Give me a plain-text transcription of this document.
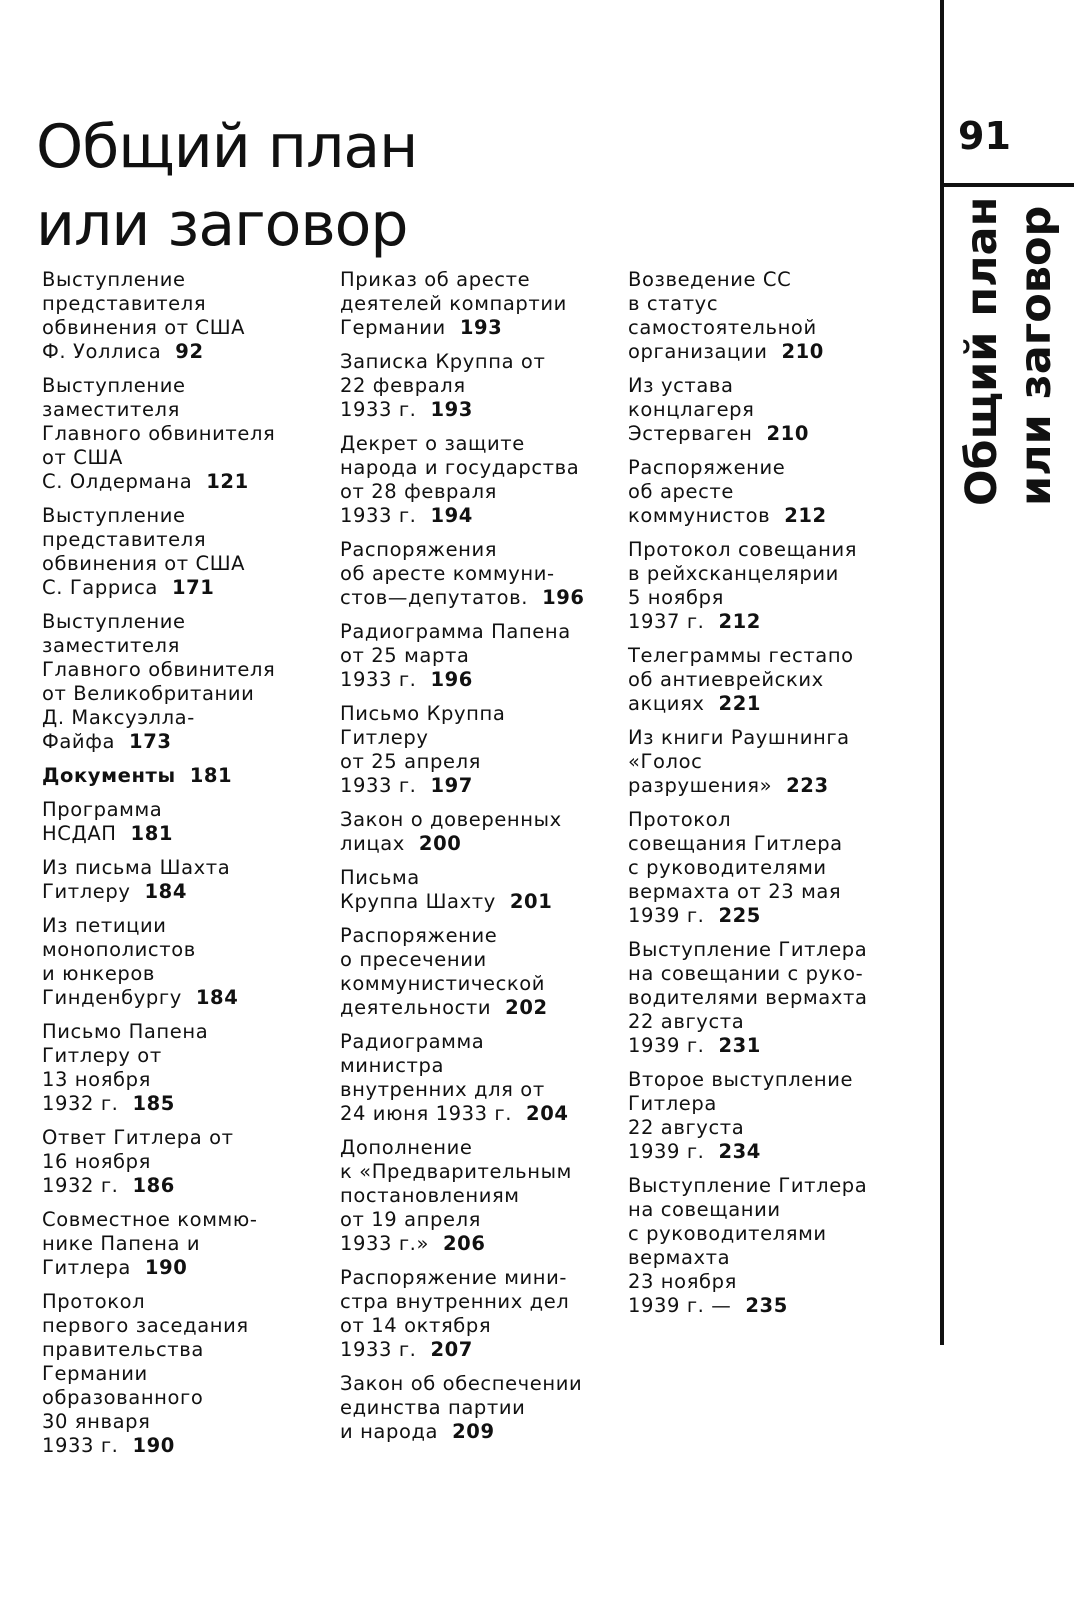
Общий план
или заговор
91
Общий план или заговор
Выступление
представителя
обвинения от США
Ф. Уоллиса 92
Выступление
заместителя
Главного обвинителя
от США
С. Олдермана 121
Выступление
представителя
обвинения от США
С. Гарриса 171
Выступление
заместителя
Главного обвинителя
от Великобритании
Д. Максуэлла-
Файфа 173
Документы 181
Программа
НСДАП 181
Из письма Шахта
Гитлеру 184
Из петиции
монополистов
и юнкеров
Гинденбургу 184
Письмо Папена
Гитлеру от
13 ноября
1932 г. 185
Ответ Гитлера от
16 ноября
1932 г. 186
Совместное коммю-
нике Папена и
Гитлера 190
Протокол
первого заседания
правительства
Германии
образованного
30 января
1933 г. 190
Приказ об аресте
деятелей компартии
Германии 193
Записка Круппа от
22 февраля
1933 г. 193
Декрет о защите
народа и государства
от 28 февраля
1933 г. 194
Распоряжения
об аресте коммуни-
стов—депутатов. 196
Радиограмма Папена
от 25 марта
1933 г. 196
Письмо Круппа
Гитлеру
от 25 апреля
1933 г. 197
Закон о доверенных
лицах 200
Письма
Круппа Шахту 201
Распоряжение
о пресечении
коммунистической
деятельности 202
Радиограмма
министра
внутренних для от
24 июня 1933 г. 204
Дополнение
к «Предварительным
постановлениям
от 19 апреля
1933 г.» 206
Распоряжение мини-
стра внутренних дел
от 14 октября
1933 г. 207
Закон об обеспечении
единства партии
и народа 209
Возведение СС
в статус
самостоятельной
организации 210
Из устава
концлагеря
Эстерваген 210
Распоряжение
об аресте
коммунистов 212
Протокол совещания
в рейхсканцелярии
5 ноября
1937 г. 212
Телеграммы гестапо
об антиеврейских
акциях 221
Из книги Раушнинга
«Голос
разрушения» 223
Протокол
совещания Гитлера
с руководителями
вермахта от 23 мая
1939 г. 225
Выступление Гитлера
на совещании с руко-
водителями вермахта
22 августа
1939 г. 231
Второе выступление
Гитлера
22 августа
1939 г. 234
Выступление Гитлера
на совещании
с руководителями
вермахта
23 ноября
1939 г. — 235
